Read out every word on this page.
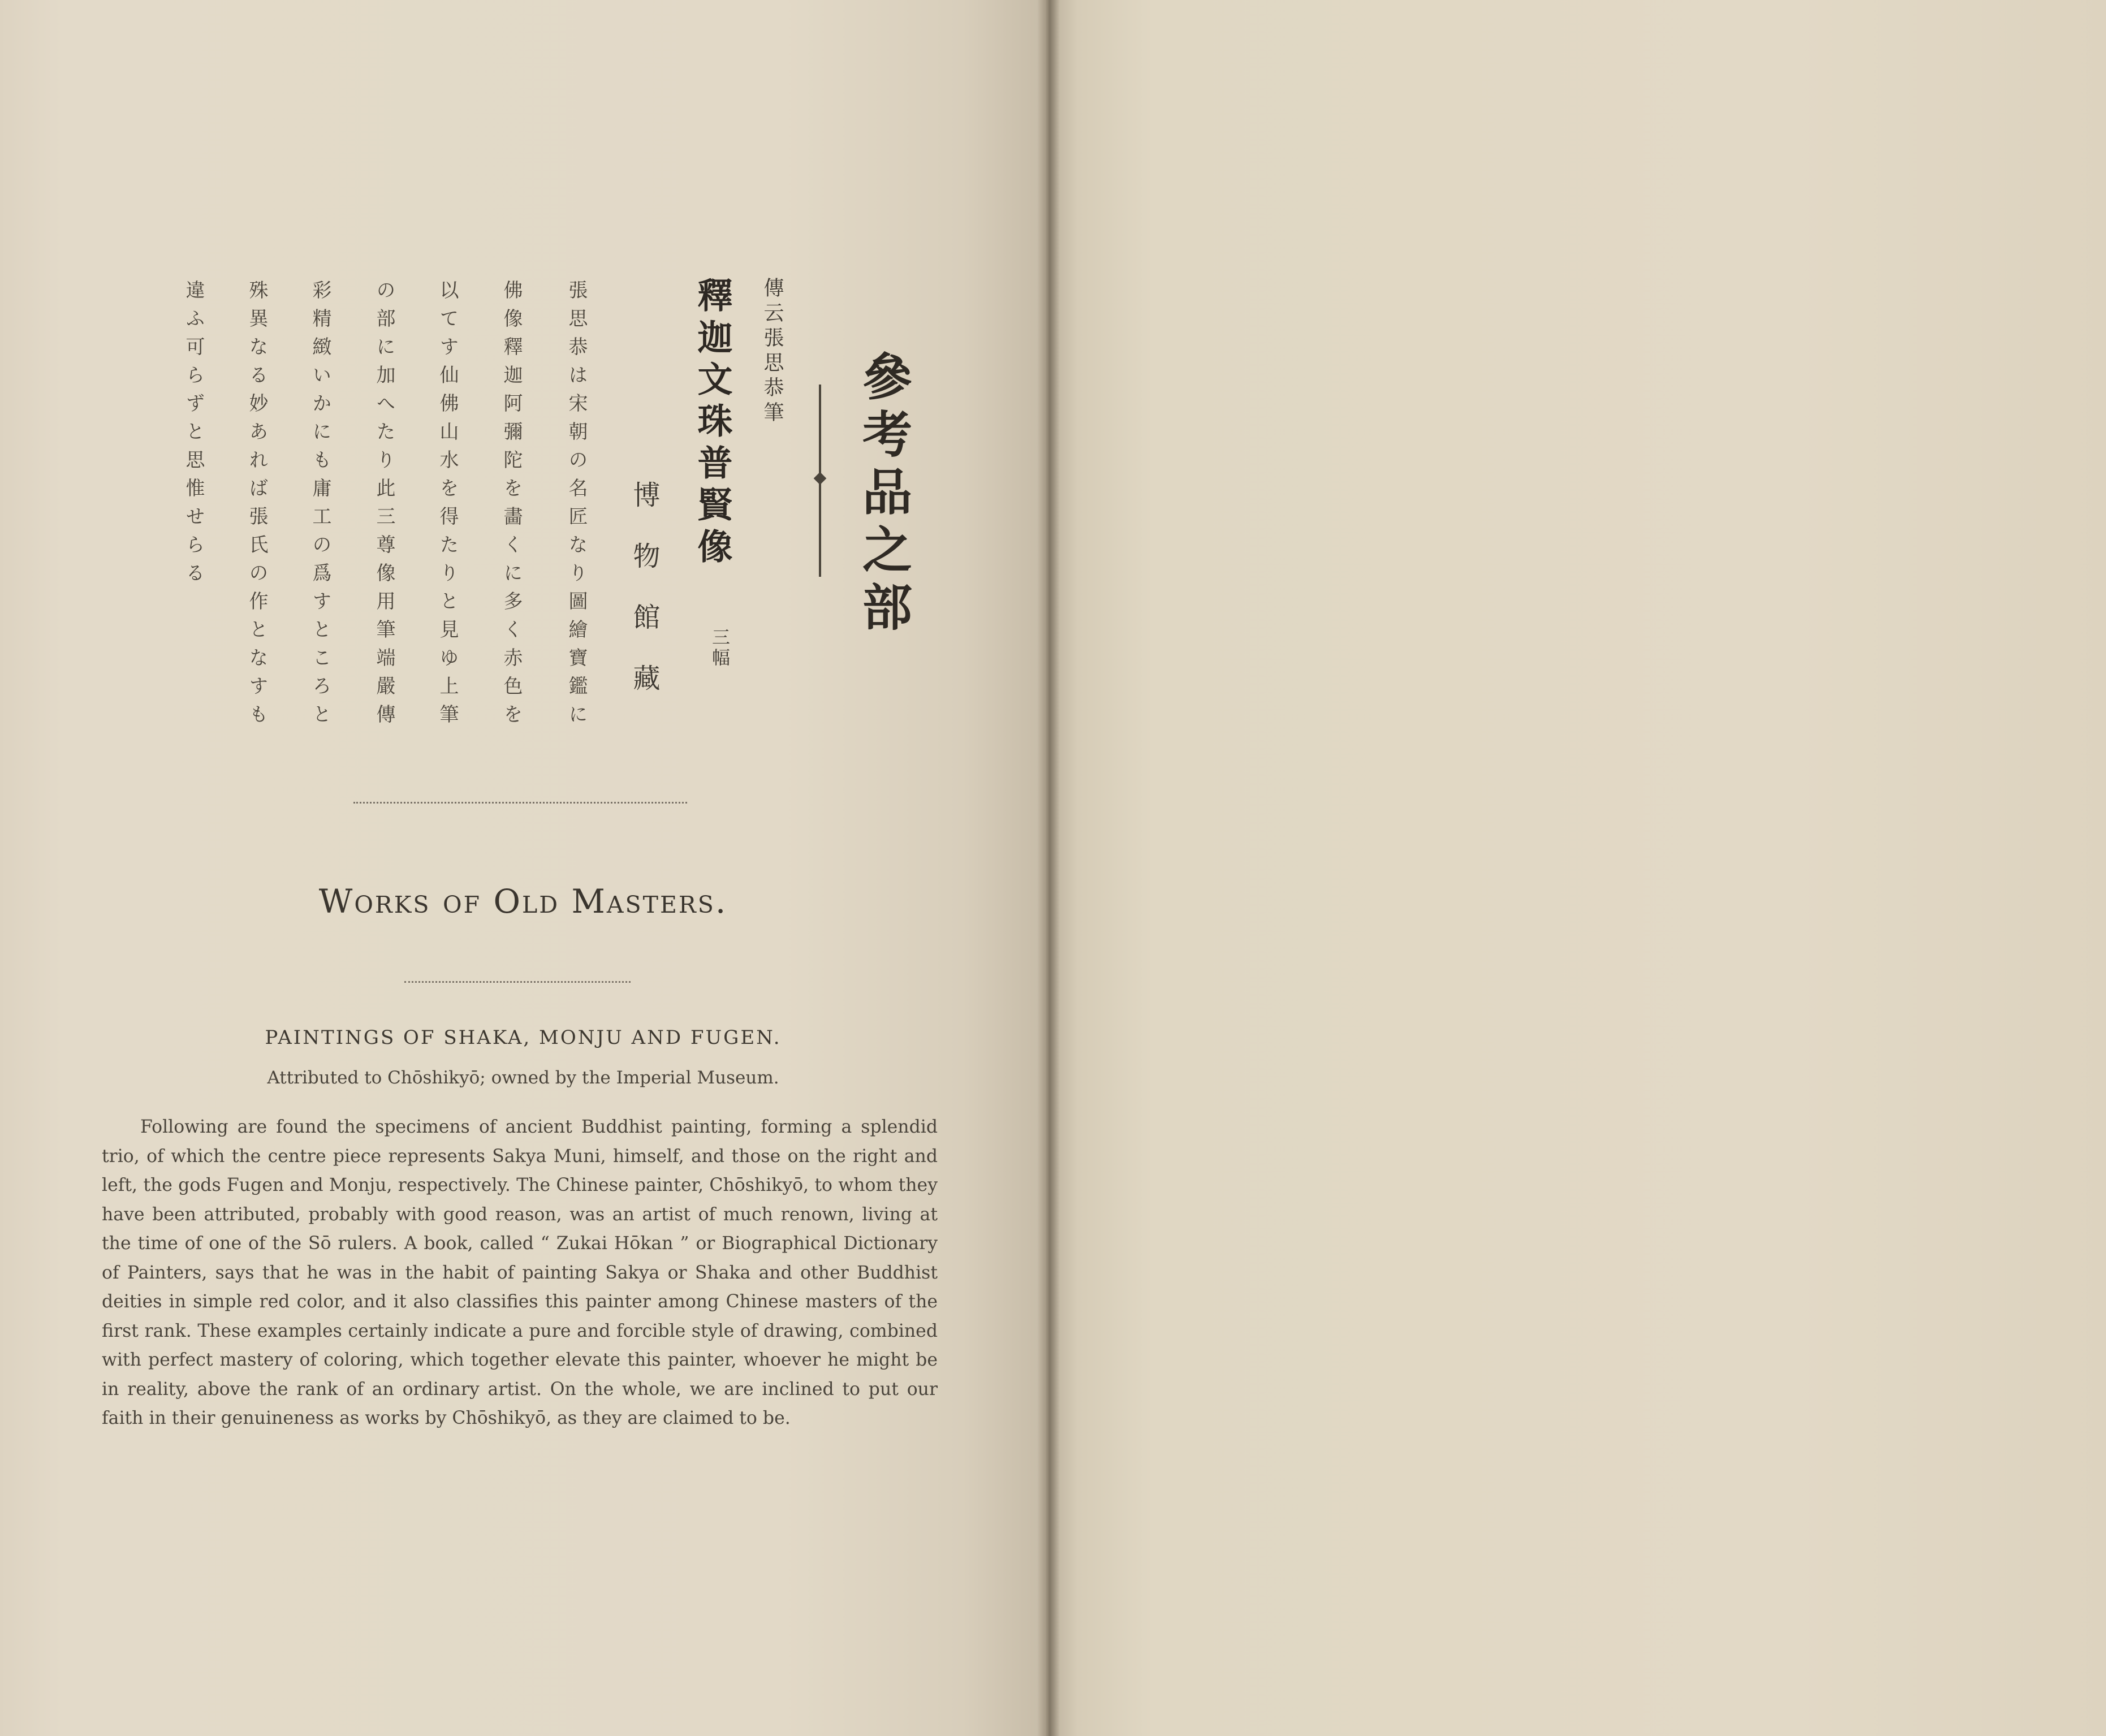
參考品之部
傳云張思恭筆
釋迦文珠普賢像
三幅
博物館藏
張思恭は宋朝の名匠なり圖繪寶鑑に
佛像釋迦阿彌陀を畵くに多く赤色を
以てす仙佛山水を得たりと見ゆ上筆
の部に加へたり此三尊像用筆端嚴傳
彩精緻いかにも庸工の爲すところと
殊異なる妙あれば張氏の作となすも
違ふ可らずと思惟せらる
Works of Old Masters.
PAINTINGS OF SHAKA, MONJU AND FUGEN.
Attributed to Chōshikyō; owned by the Imperial Museum.
Following are found the specimens of ancient Buddhist painting, forming a splendid trio, of which the centre piece represents Sakya Muni, himself, and those on the right and left, the gods Fugen and Monju, respectively. The Chinese painter, Chōshikyō, to whom they have been attributed, probably with good reason, was an artist of much renown, living at the time of one of the Sō rulers. A book, called “ Zukai Hōkan ” or Biographical Dictionary of Painters, says that he was in the habit of painting Sakya or Shaka and other Buddhist deities in simple red color, and it also classifies this painter among Chinese masters of the first rank. These examples certainly indicate a pure and forcible style of drawing, combined with perfect mastery of coloring, which together elevate this painter, whoever he might be in reality, above the rank of an ordinary artist. On the whole, we are inclined to put our faith in their genuineness as works by Chōshikyō, as they are claimed to be.
